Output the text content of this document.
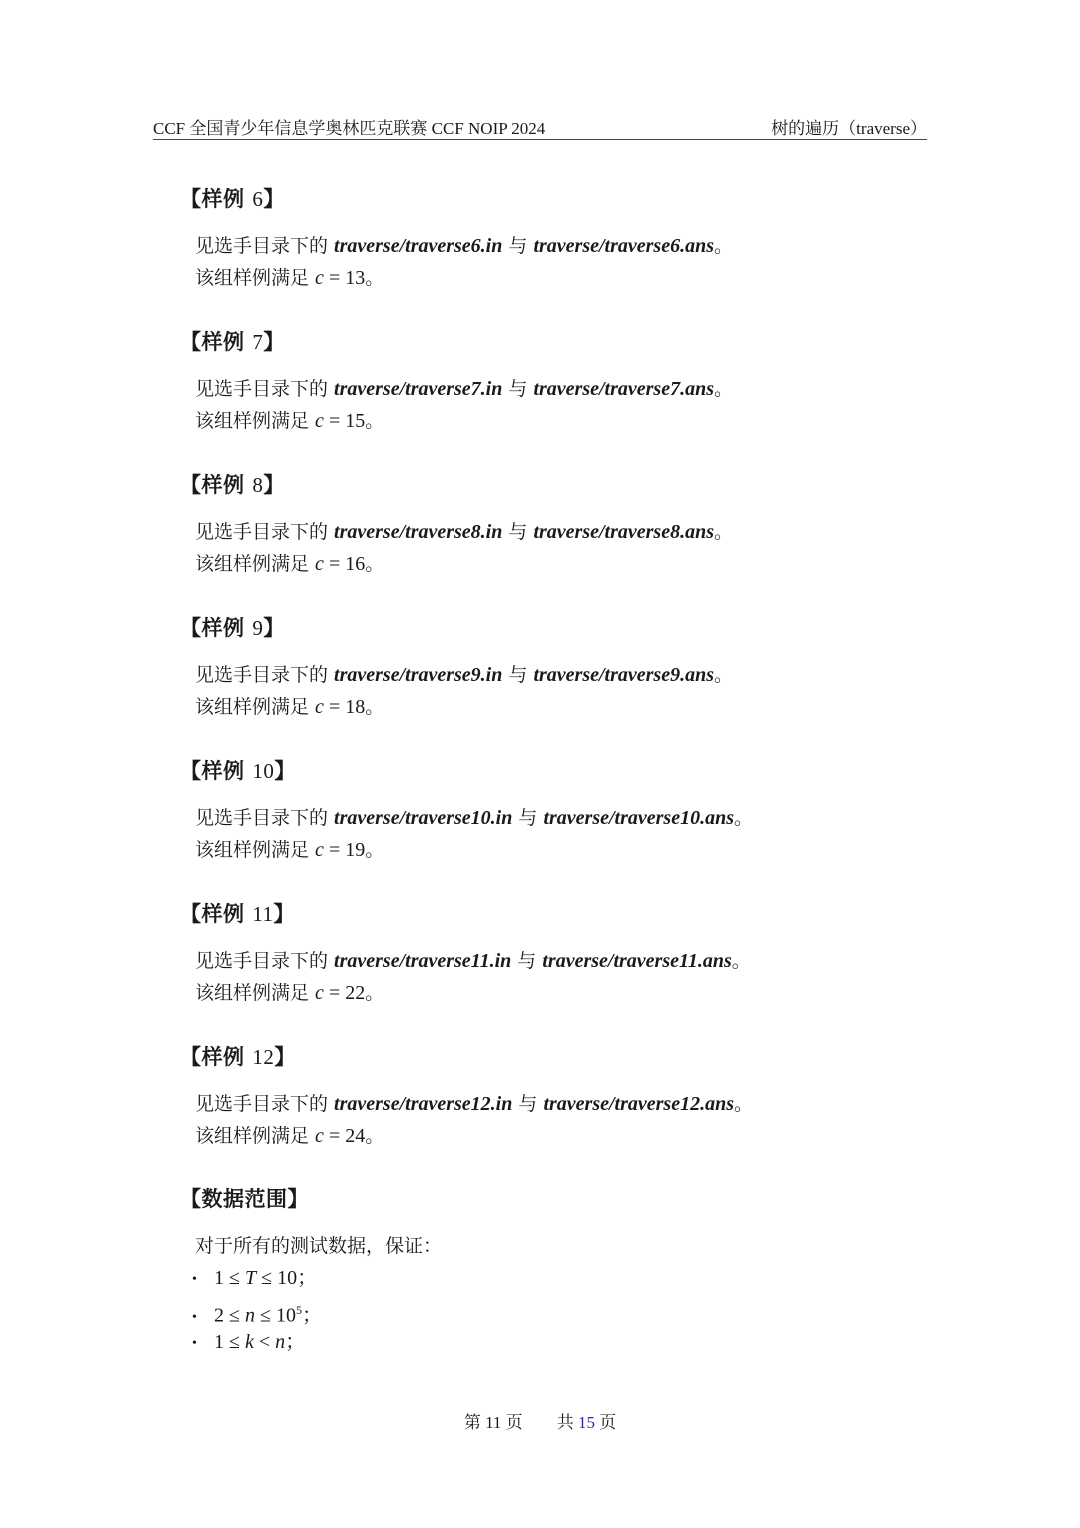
CCF 全国青少年信息学奥林匹克联赛 CCF NOIP 2024	树的遍历（traverse）
【样例 6】
见选手目录下的 traverse/traverse6.in 与 traverse/traverse6.ans。
该组样例满足 c = 13。
【样例 7】
见选手目录下的 traverse/traverse7.in 与 traverse/traverse7.ans。
该组样例满足 c = 15。
【样例 8】
见选手目录下的 traverse/traverse8.in 与 traverse/traverse8.ans。
该组样例满足 c = 16。
【样例 9】
见选手目录下的 traverse/traverse9.in 与 traverse/traverse9.ans。
该组样例满足 c = 18。
【样例 10】
见选手目录下的 traverse/traverse10.in 与 traverse/traverse10.ans。
该组样例满足 c = 19。
【样例 11】
见选手目录下的 traverse/traverse11.in 与 traverse/traverse11.ans。
该组样例满足 c = 22。
【样例 12】
见选手目录下的 traverse/traverse12.in 与 traverse/traverse12.ans。
该组样例满足 c = 24。
【数据范围】
对于所有的测试数据，保证：
• 1 ≤ T ≤ 10；
• $2 \le n \le 10^5$；
• 1 ≤ k < n；
第 11 页　　 共 15 页
